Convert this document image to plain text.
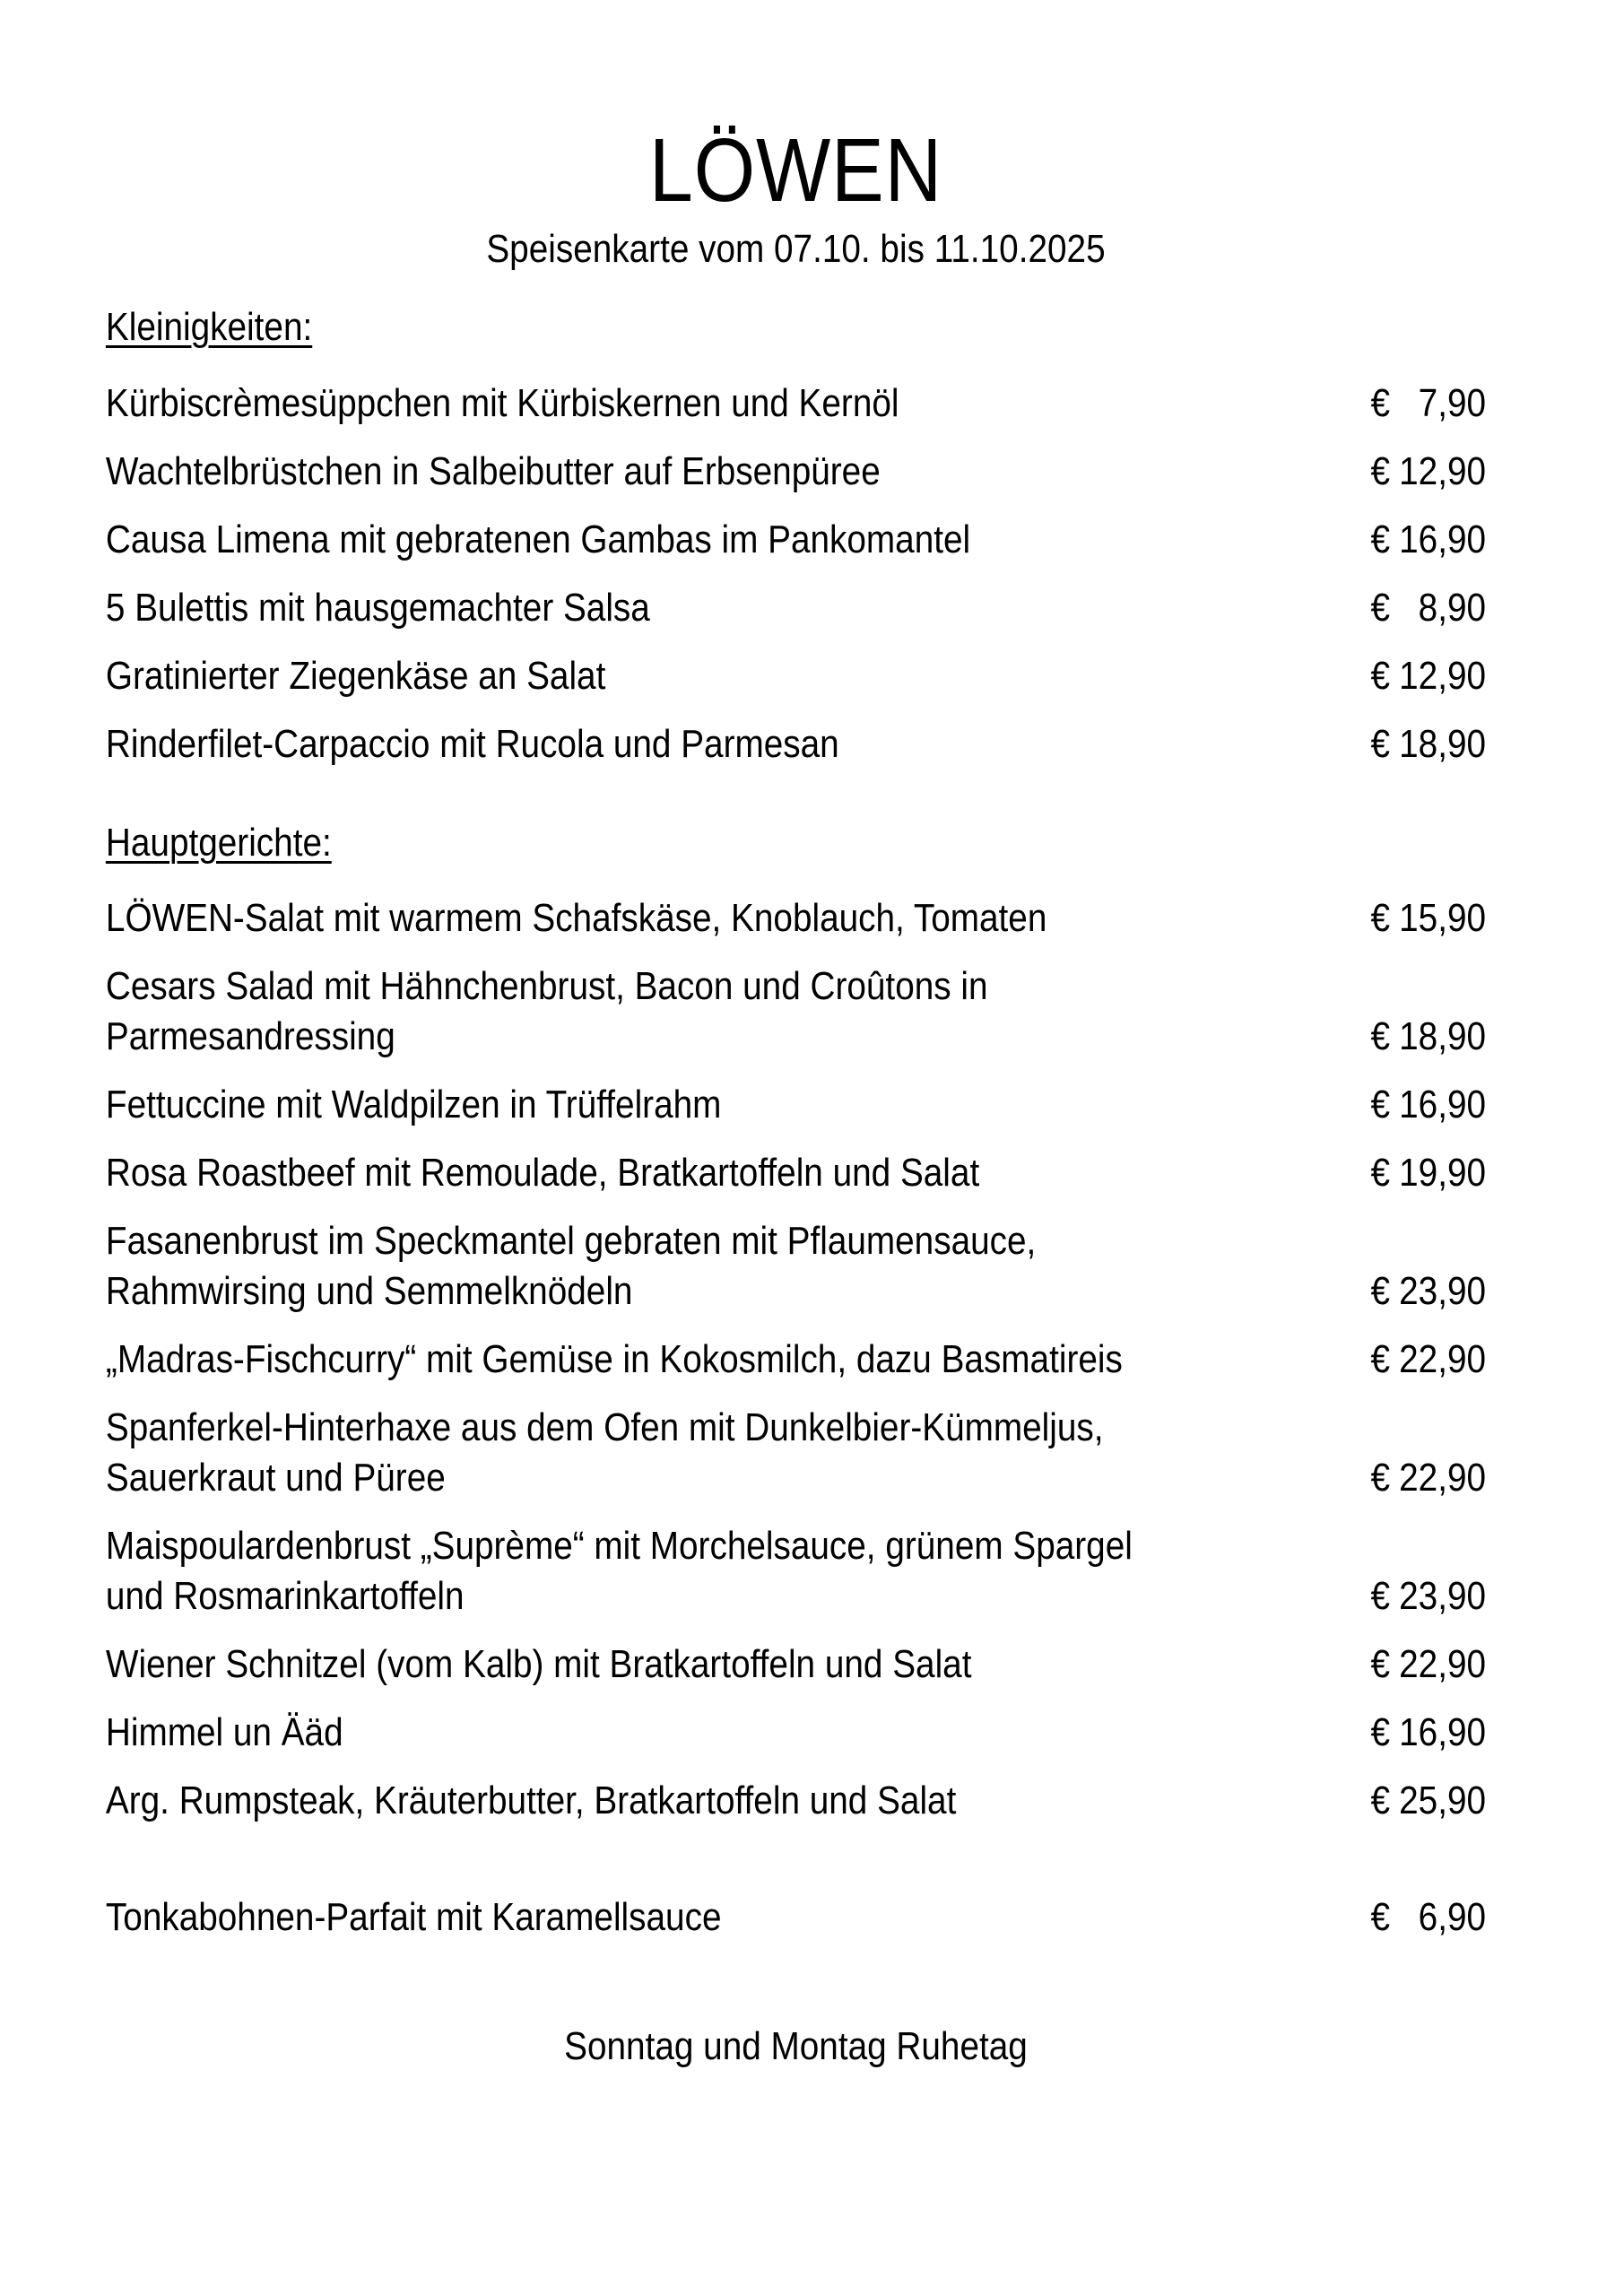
LÖWEN
Speisenkarte vom 07.10. bis 11.10.2025
Kleinigkeiten:
Kürbiscrèmesüppchen mit Kürbiskernen und Kernöl	€ 7,90
Wachtelbrüstchen in Salbeibutter auf Erbsenpüree	€ 12,90
Causa Limena mit gebratenen Gambas im Pankomantel	€ 16,90
5 Bulettis mit hausgemachter Salsa	€ 8,90
Gratinierter Ziegenkäse an Salat	€ 12,90
Rinderfilet-Carpaccio mit Rucola und Parmesan	€ 18,90
Hauptgerichte:
LÖWEN-Salat mit warmem Schafskäse, Knoblauch, Tomaten	€ 15,90
Cesars Salad mit Hähnchenbrust, Bacon und Croûtons in
Parmesandressing	€ 18,90
Fettuccine mit Waldpilzen in Trüffelrahm	€ 16,90
Rosa Roastbeef mit Remoulade, Bratkartoffeln und Salat	€ 19,90
Fasanenbrust im Speckmantel gebraten mit Pflaumensauce,
Rahmwirsing und Semmelknödeln	€ 23,90
„Madras-Fischcurry“ mit Gemüse in Kokosmilch, dazu Basmatireis	€ 22,90
Spanferkel-Hinterhaxe aus dem Ofen mit Dunkelbier-Kümmeljus,
Sauerkraut und Püree	€ 22,90
Maispoulardenbrust „Suprème“ mit Morchelsauce, grünem Spargel
und Rosmarinkartoffeln	€ 23,90
Wiener Schnitzel (vom Kalb) mit Bratkartoffeln und Salat	€ 22,90
Himmel un Ääd	€ 16,90
Arg. Rumpsteak, Kräuterbutter, Bratkartoffeln und Salat	€ 25,90
Tonkabohnen-Parfait mit Karamellsauce	€ 6,90
Sonntag und Montag Ruhetag
